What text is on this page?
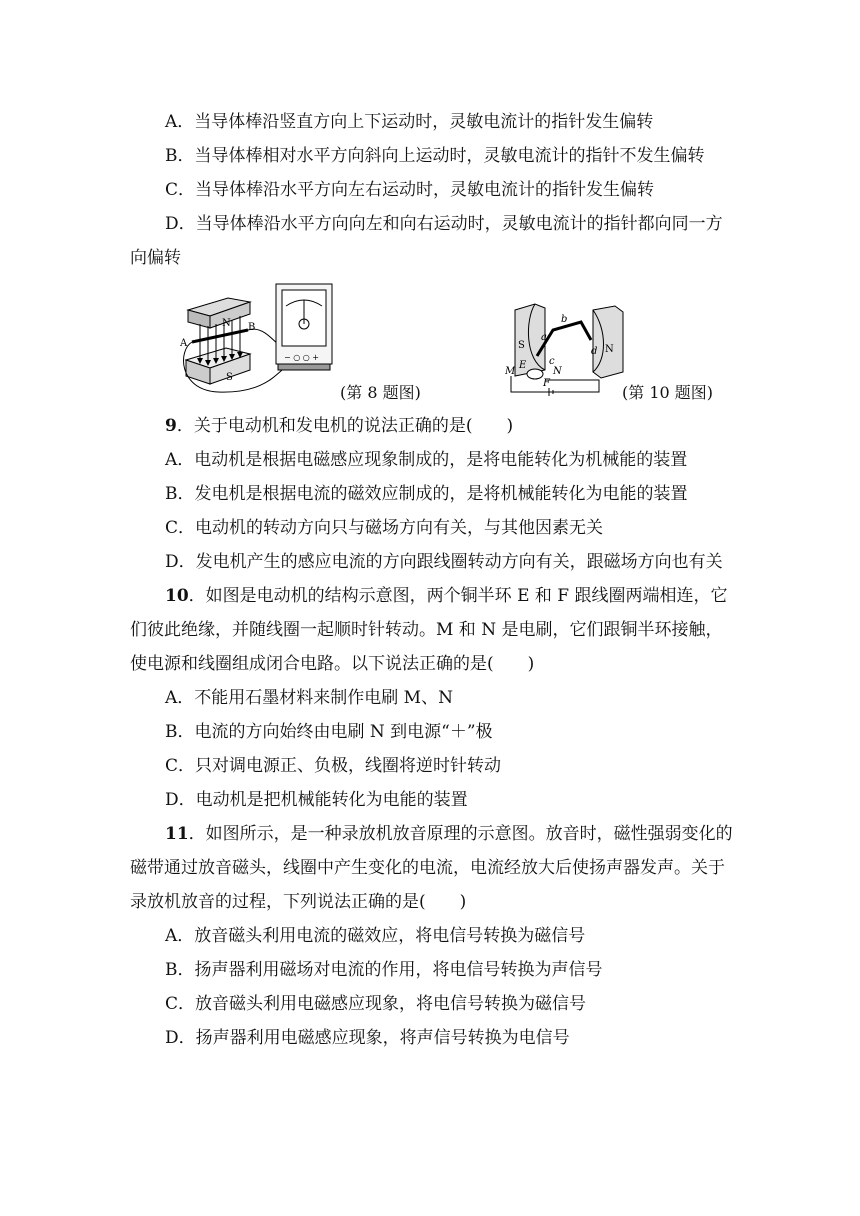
A．当导体棒沿竖直方向上下运动时，灵敏电流计的指针发生偏转
B．当导体棒相对水平方向斜向上运动时，灵敏电流计的指针不发生偏转
C．当导体棒沿水平方向左右运动时，灵敏电流计的指针发生偏转
D．当导体棒沿水平方向向左和向右运动时，灵敏电流计的指针都向同一方
向偏转
A
B
N
S
− ○ ○ +
(第 8 题图)
S	N
a
b
c
d
E
F
M	N
(第 10 题图)
9．关于电动机和发电机的说法正确的是(　　)
A．电动机是根据电磁感应现象制成的，是将电能转化为机械能的装置
B．发电机是根据电流的磁效应制成的，是将机械能转化为电能的装置
C．电动机的转动方向只与磁场方向有关，与其他因素无关
D．发电机产生的感应电流的方向跟线圈转动方向有关，跟磁场方向也有关
10．如图是电动机的结构示意图，两个铜半环 E 和 F 跟线圈两端相连，它
们彼此绝缘，并随线圈一起顺时针转动。M 和 N 是电刷，它们跟铜半环接触，
使电源和线圈组成闭合电路。以下说法正确的是(　　)
A．不能用石墨材料来制作电刷 M、N
B．电流的方向始终由电刷 N 到电源“＋”极
C．只对调电源正、负极，线圈将逆时针转动
D．电动机是把机械能转化为电能的装置
11．如图所示，是一种录放机放音原理的示意图。放音时，磁性强弱变化的
磁带通过放音磁头，线圈中产生变化的电流，电流经放大后使扬声器发声。关于
录放机放音的过程，下列说法正确的是(　　)
A．放音磁头利用电流的磁效应，将电信号转换为磁信号
B．扬声器利用磁场对电流的作用，将电信号转换为声信号
C．放音磁头利用电磁感应现象，将电信号转换为磁信号
D．扬声器利用电磁感应现象，将声信号转换为电信号
